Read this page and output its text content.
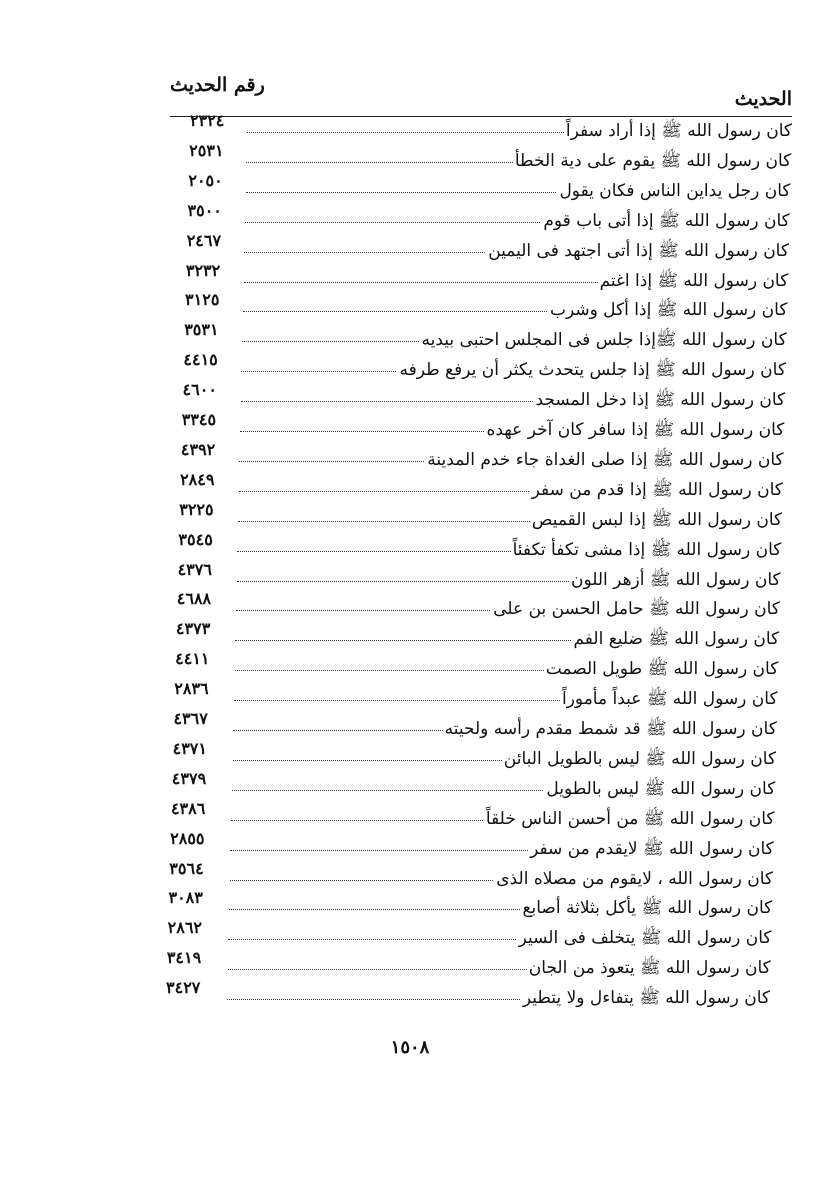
الحديث
رقم الحديث
كان رسول الله ﷺ إذا أراد سفراً
٢٣٢٤
كان رسول الله ﷺ يقوم على دية الخطأ
٢٥٣١
كان رجل يداين الناس فكان يقول
٢٠٥٠
كان رسول الله ﷺ إذا أتى باب قوم
٣٥٠٠
كان رسول الله ﷺ إذا أتى اجتهد فى اليمين
٢٤٦٧
كان رسول الله ﷺ إذا اغتم
٣٢٣٢
كان رسول الله ﷺ إذا أكل وشرب
٣١٢٥
كان رسول الله ﷺإذا جلس فى المجلس احتبى بيديه
٣٥٣١
كان رسول الله ﷺ إذا جلس يتحدث يكثر أن يرفع طرفه
٤٤١٥
كان رسول الله ﷺ إذا دخل المسجد
٤٦٠٠
كان رسول الله ﷺ إذا سافر كان آخر عهده
٣٣٤٥
كان رسول الله ﷺ إذا صلى الغداة جاء خدم المدينة
٤٣٩٢
كان رسول الله ﷺ إذا قدم من سفر
٢٨٤٩
كان رسول الله ﷺ إذا لبس القميص
٣٢٢٥
كان رسول الله ﷺ إذا مشى تكفأ تكفئاً
٣٥٤٥
كان رسول الله ﷺ أزهر اللون
٤٣٧٦
كان رسول الله ﷺ حامل الحسن بن على
٤٦٨٨
كان رسول الله ﷺ ضليع الفم
٤٣٧٣
كان رسول الله ﷺ طويل الصمت
٤٤١١
كان رسول الله ﷺ عبداً مأموراً
٢٨٣٦
كان رسول الله ﷺ قد شمط مقدم رأسه ولحيته
٤٣٦٧
كان رسول الله ﷺ ليس بالطويل البائن
٤٣٧١
كان رسول الله ﷺ ليس بالطويل
٤٣٧٩
كان رسول الله ﷺ من أحسن الناس خلقاً
٤٣٨٦
كان رسول الله ﷺ لايقدم من سفر
٢٨٥٥
كان رسول الله ، لايقوم من مصلاه الذى
٣٥٦٤
كان رسول الله ﷺ يأكل بثلاثة أصابع
٣٠٨٣
كان رسول الله ﷺ يتخلف فى السير
٢٨٦٢
كان رسول الله ﷺ يتعوذ من الجان
٣٤١٩
كان رسول الله ﷺ يتفاءل ولا يتطير
٣٤٢٧
١٥٠٨
